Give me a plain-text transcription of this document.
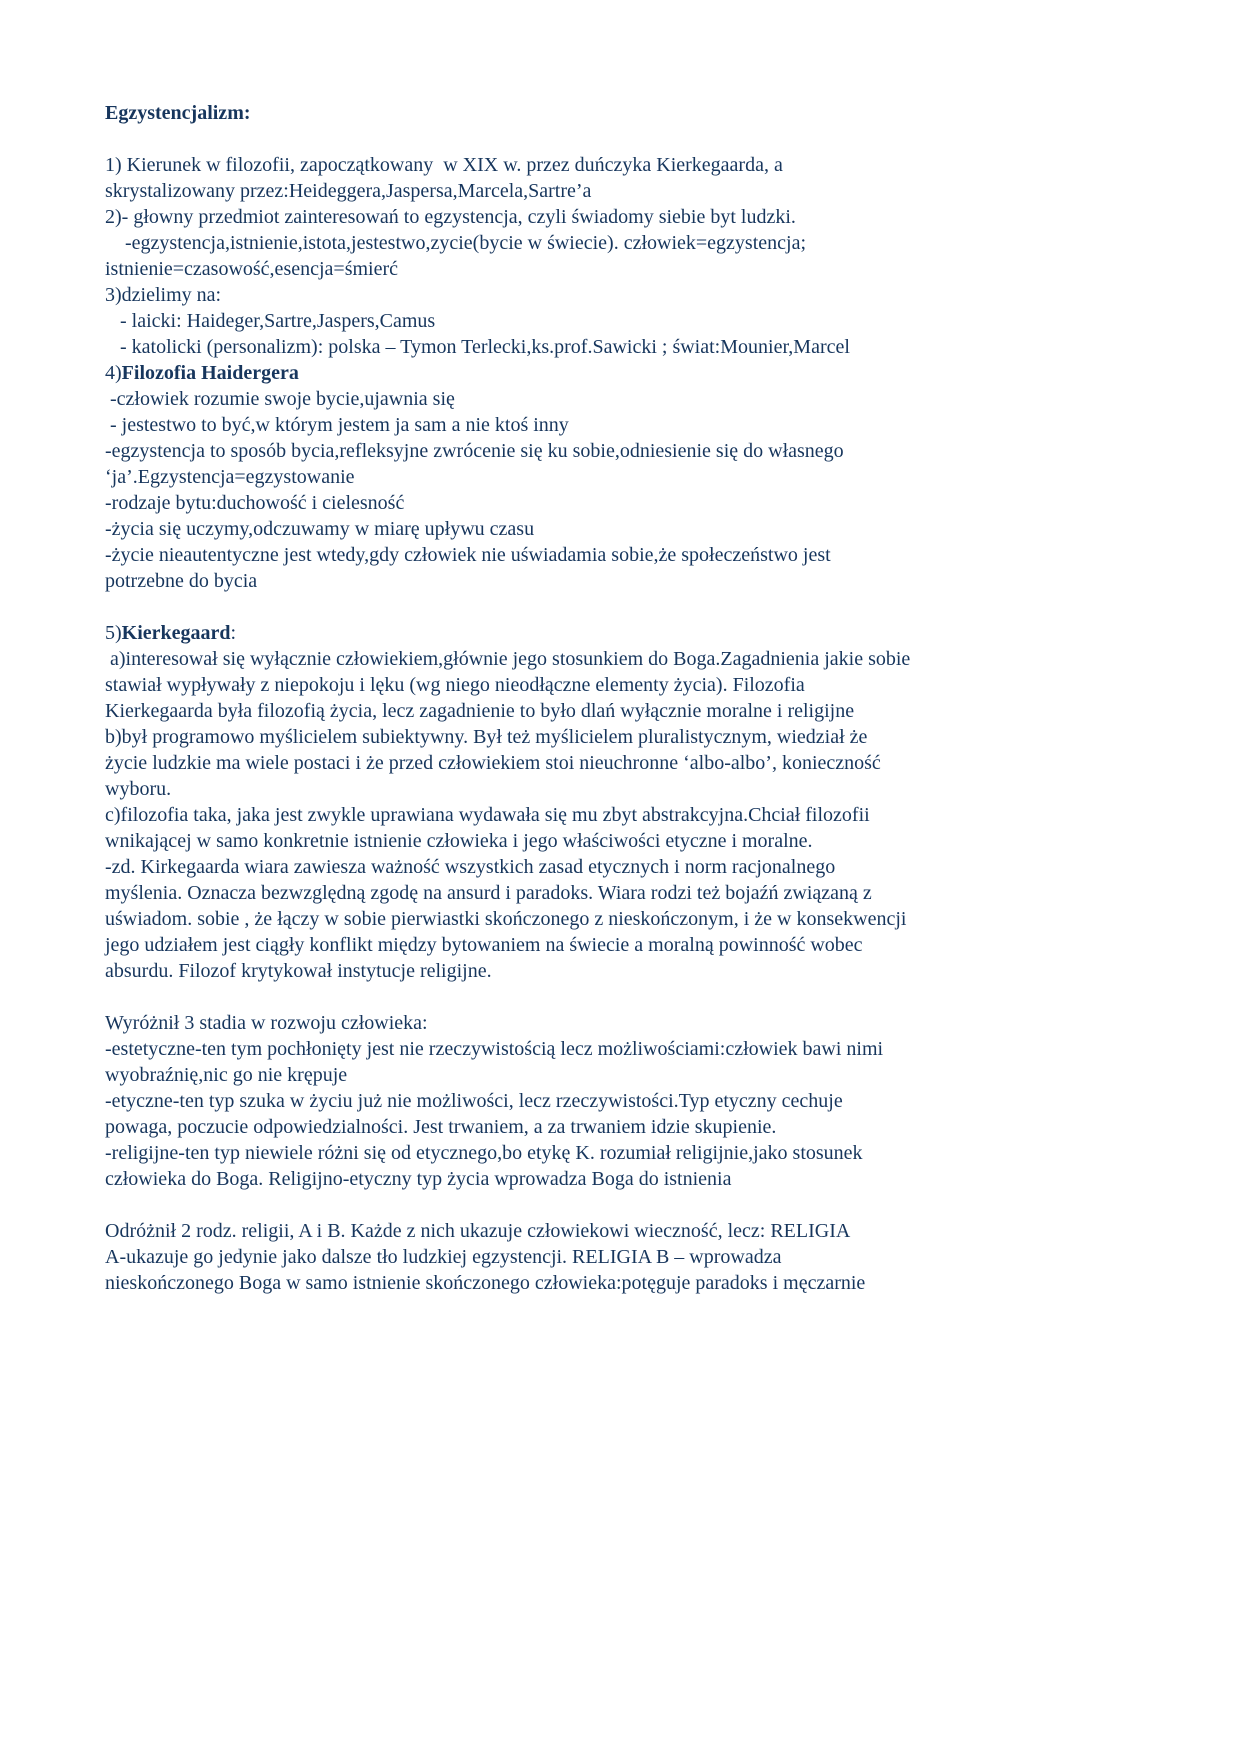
Egzystencjalizm:
1) Kierunek w filozofii, zapoczątkowany  w XIX w. przez duńczyka Kierkegaarda, a
skrystalizowany przez:Heideggera,Jaspersa,Marcela,Sartre’a
2)- głowny przedmiot zainteresowań to egzystencja, czyli świadomy siebie byt ludzki.
-egzystencja,istnienie,istota,jestestwo,zycie(bycie w świecie). człowiek=egzystencja;
istnienie=czasowość,esencja=śmierć
3)dzielimy na:
- laicki: Haideger,Sartre,Jaspers,Camus
- katolicki (personalizm): polska – Tymon Terlecki,ks.prof.Sawicki ; świat:Mounier,Marcel
4)Filozofia Haidergera
-człowiek rozumie swoje bycie,ujawnia się
- jestestwo to być,w którym jestem ja sam a nie ktoś inny
-egzystencja to sposób bycia,refleksyjne zwrócenie się ku sobie,odniesienie się do własnego
‘ja’.Egzystencja=egzystowanie
-rodzaje bytu:duchowość i cielesność
-życia się uczymy,odczuwamy w miarę upływu czasu
-życie nieautentyczne jest wtedy,gdy człowiek nie uświadamia sobie,że społeczeństwo jest
potrzebne do bycia
5)Kierkegaard:
a)interesował się wyłącznie człowiekiem,głównie jego stosunkiem do Boga.Zagadnienia jakie sobie
stawiał wypływały z niepokoju i lęku (wg niego nieodłączne elementy życia). Filozofia
Kierkegaarda była filozofią życia, lecz zagadnienie to było dlań wyłącznie moralne i religijne
b)był programowo myślicielem subiektywny. Był też myślicielem pluralistycznym, wiedział że
życie ludzkie ma wiele postaci i że przed człowiekiem stoi nieuchronne ‘albo-albo’, konieczność
wyboru.
c)filozofia taka, jaka jest zwykle uprawiana wydawała się mu zbyt abstrakcyjna.Chciał filozofii
wnikającej w samo konkretnie istnienie człowieka i jego właściwości etyczne i moralne.
-zd. Kirkegaarda wiara zawiesza ważność wszystkich zasad etycznych i norm racjonalnego
myślenia. Oznacza bezwzględną zgodę na ansurd i paradoks. Wiara rodzi też bojaźń związaną z
uświadom. sobie , że łączy w sobie pierwiastki skończonego z nieskończonym, i że w konsekwencji
jego udziałem jest ciągły konflikt między bytowaniem na świecie a moralną powinność wobec
absurdu. Filozof krytykował instytucje religijne.
Wyróżnił 3 stadia w rozwoju człowieka:
-estetyczne-ten tym pochłonięty jest nie rzeczywistością lecz możliwościami:człowiek bawi nimi
wyobraźnię,nic go nie krępuje
-etyczne-ten typ szuka w życiu już nie możliwości, lecz rzeczywistości.Typ etyczny cechuje
powaga, poczucie odpowiedzialności. Jest trwaniem, a za trwaniem idzie skupienie.
-religijne-ten typ niewiele różni się od etycznego,bo etykę K. rozumiał religijnie,jako stosunek
człowieka do Boga. Religijno-etyczny typ życia wprowadza Boga do istnienia
Odróżnił 2 rodz. religii, A i B. Każde z nich ukazuje człowiekowi wieczność, lecz: RELIGIA
A-ukazuje go jedynie jako dalsze tło ludzkiej egzystencji. RELIGIA B – wprowadza
nieskończonego Boga w samo istnienie skończonego człowieka:potęguje paradoks i męczarnie
